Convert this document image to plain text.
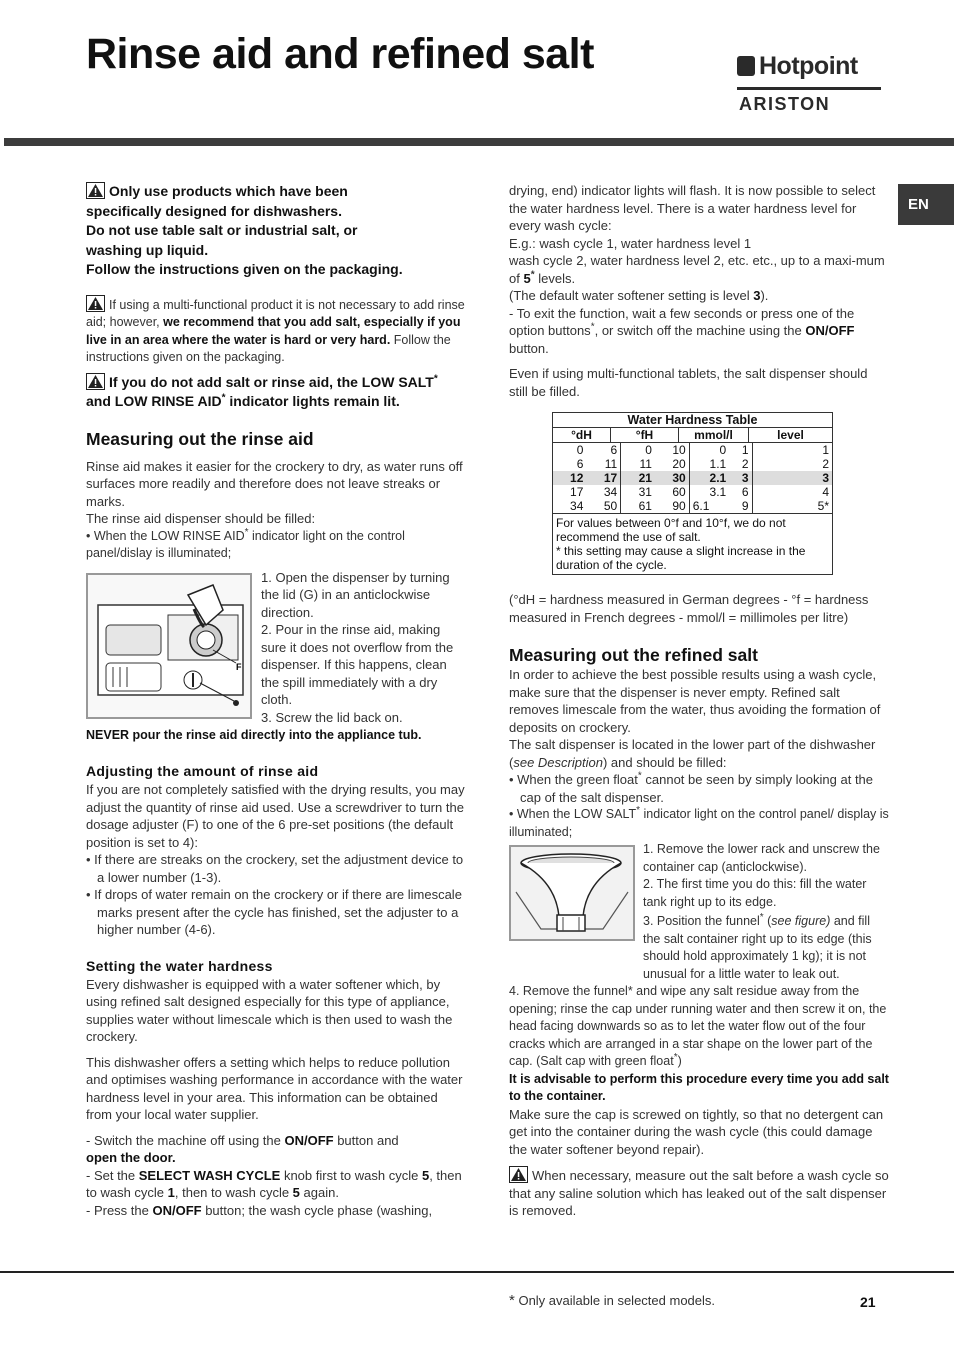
Rinse aid and refined salt	Hotpoint
ARISTON
EN
Only use products which have been
specifically designed for dishwashers.
Do not use table salt or industrial salt, or
washing up liquid.
Follow the instructions given on the packaging.

If using a multi-functional product it is not necessary to add rinse aid; however, we recommend that you add salt, especially if you live in an area where the water is hard or very hard. Follow the instructions given on the packaging.

If you do not add salt or rinse aid, the LOW SALT* and LOW RINSE AID* indicator lights remain lit.
Measuring out the rinse aid

Rinse aid makes it easier for the crockery to dry, as water runs off surfaces more readily and therefore does not leave streaks or marks.

The rinse aid dispenser should be filled:

• When the LOW RINSE AID* indicator light on the control panel/dislay is illuminated;

F

1. Open the dispenser by turning the lid (G) in an anticlockwise direction.

2. Pour in the rinse aid, making sure it does not overflow from the dispenser. If this happens, clean the spill immediately with a dry cloth.

3. Screw the lid back on.

NEVER pour the rinse aid directly into the appliance tub.

Adjusting the amount of rinse aid

If you are not completely satisfied with the drying results, you may adjust the quantity of rinse aid used. Use a screwdriver to turn the dosage adjuster (F) to one of the 6 pre-set positions (the default position is set to 4):

• If there are streaks on the crockery, set the adjustment device to a lower number (1-3).

• If drops of water remain on the crockery or if there are limescale marks present after the cycle has finished, set the adjuster to a higher number (4-6).

Setting the water hardness

Every dishwasher is equipped with a water softener which, by using refined salt designed especially for this type of appliance, supplies water without limescale which is then used to wash the crockery.

This dishwasher offers a setting which helps to reduce pollution and optimises washing performance in accordance with the water hardness level in your area. This information can be obtained from your local water supplier.

- Switch the machine off using the ON/OFF button and
open the door.

- Set the SELECT WASH CYCLE knob first to wash cycle 5, then to wash cycle 1, then to wash cycle 5 again.

- Press the ON/OFF button; the wash cycle phase (washing,

drying, end) indicator lights will flash. It is now possible to select the water hardness level. There is a water hardness level for every wash cycle:

E.g.: wash cycle 1, water hardness level 1

wash cycle 2, water hardness level 2, etc. etc., up to a maxi-mum of 5* levels.

(The default water softener setting is level 3).

- To exit the function, wait a few seconds or press one of the option buttons*, or switch off the machine using the ON/OFF button.

Even if using multi-functional tablets, the salt dispenser should still be filled.

Water Hardness Table
°dH	°fH	mmol/l	level

0	6	0	10	0	1	1
6	11	11	20	1.1	2	2
12	17	21	30	2.1	3	3
17	34	31	60	3.1	6	4
34	50	61	90	6.1	9	5*

For values between 0°f and 10°f, we do not recommend the use of salt.
* this setting may cause a slight increase in the duration of the cycle.

(°dH = hardness measured in German degrees - °f = hardness measured in French degrees - mmol/l = millimoles per litre)

Measuring out the refined salt

In order to achieve the best possible results using a wash cycle, make sure that the dispenser is never empty. Refined salt removes limescale from the water, thus avoiding the formation of deposits on crockery.

The salt dispenser is located in the lower part of the dishwasher (see Description) and should be filled:

• When the green float* cannot be seen by simply looking at the cap of the salt dispenser.

• When the LOW SALT* indicator light on the control panel/ display is illuminated;

1. Remove the lower rack and unscrew the container cap (anticlockwise).

2. The first time you do this: fill the water tank right up to its edge.

3. Position the funnel* (see figure) and fill the salt container right up to its edge (this should hold approximately 1 kg); it is not unusual for a little water to leak out.

4. Remove the funnel* and wipe any salt residue away from the opening; rinse the cap under running water and then screw it on, the head facing downwards so as to let the water flow out of the four cracks which are arranged in a star shape on the lower part of the cap. (Salt cap with green float*)

It is advisable to perform this procedure every time you add salt to the container.

Make sure the cap is screwed on tightly, so that no detergent can get into the container during the wash cycle (this could damage the water softener beyond repair).

When necessary, measure out the salt before a wash cycle so that any saline solution which has leaked out of the salt dispenser is removed.

* Only available in selected models.	21
